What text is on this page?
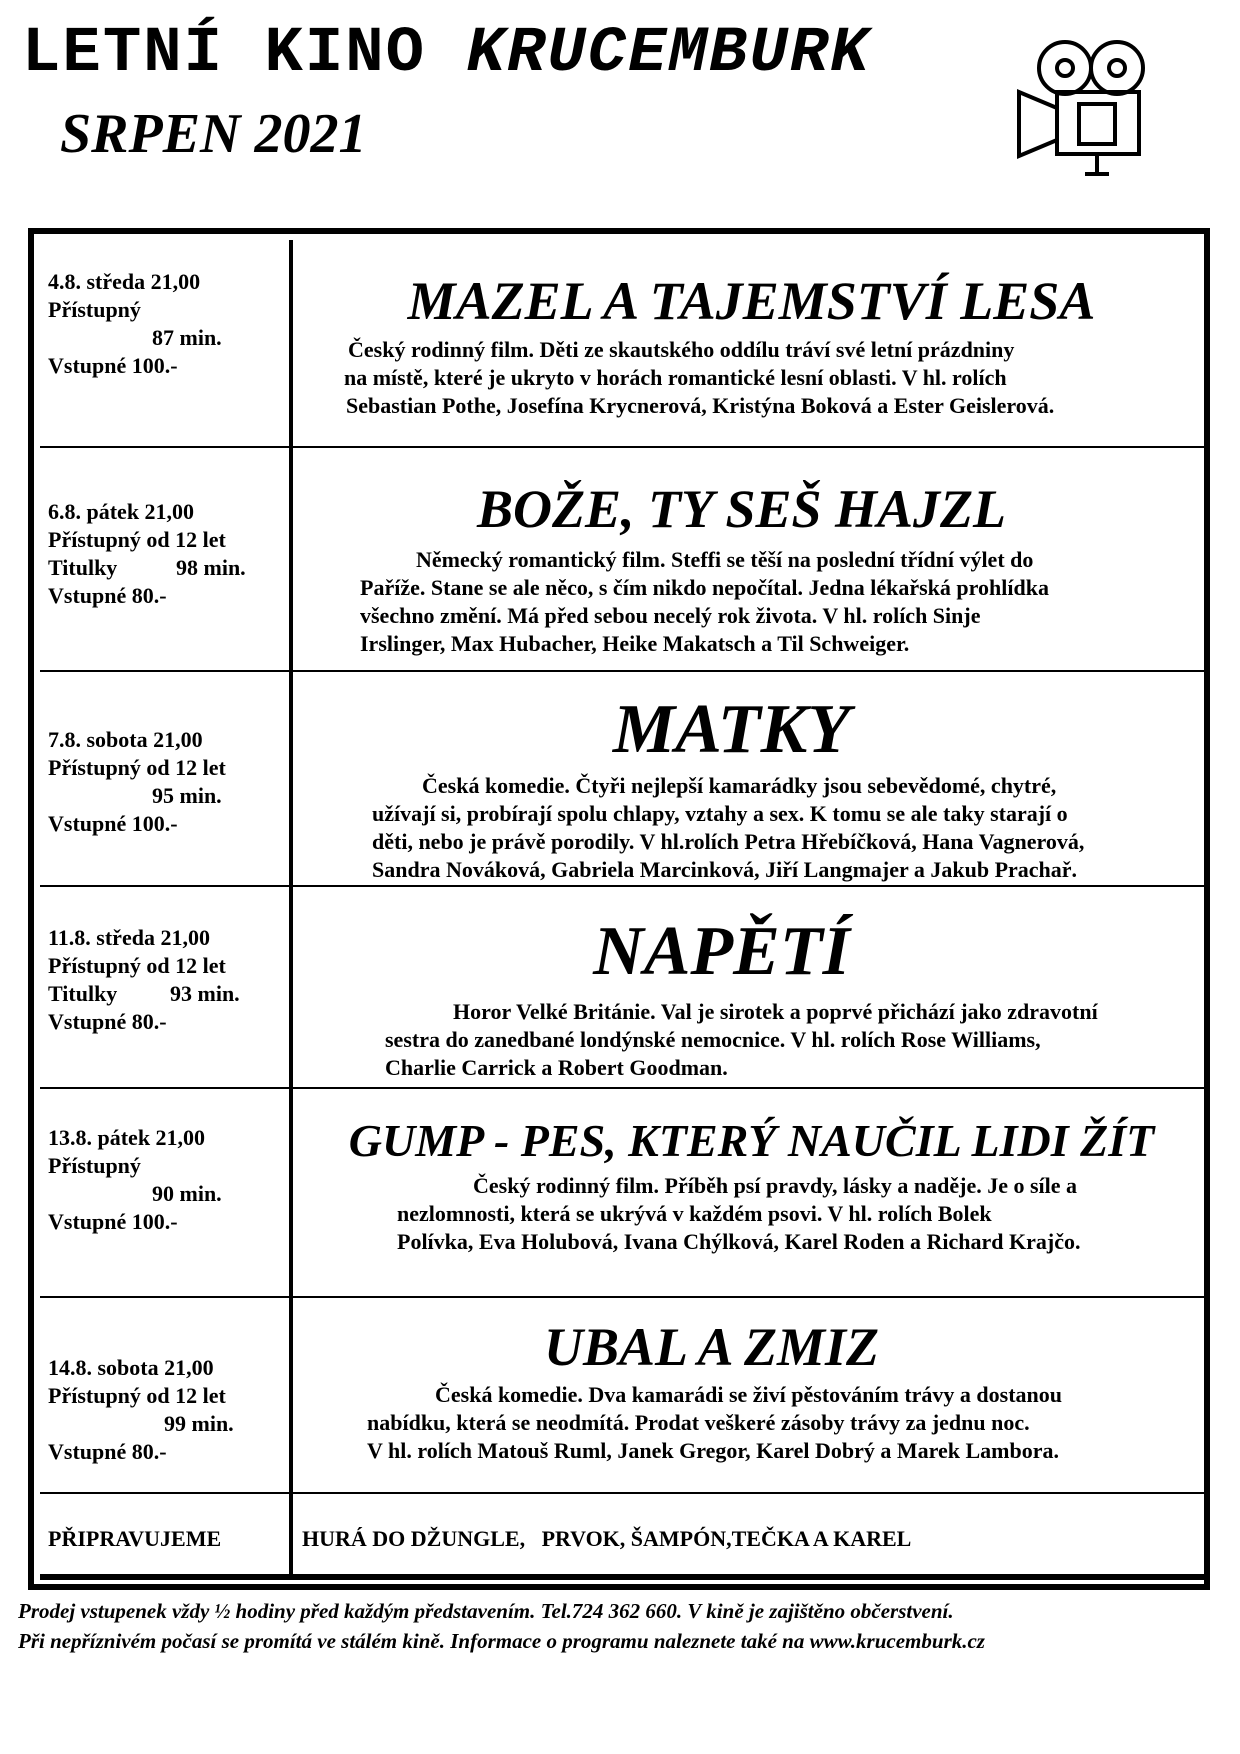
LETNÍ KINO KRUCEMBURK
SRPEN 2021
4.8. středa 21,00
Přístupný
87 min.
Vstupné 100.-
MAZEL A TAJEMSTVÍ LESA
Český rodinný film. Děti ze skautského oddílu tráví své letní prázdniny
na místě, které je ukryto v horách romantické lesní oblasti. V hl. rolích
Sebastian Pothe, Josefína Krycnerová, Kristýna Boková a Ester Geislerová.
6.8. pátek 21,00
Přístupný od 12 let
Titulky	98 min.
Vstupné 80.-
BOŽE, TY SEŠ HAJZL
Německý romantický film. Steffi se těší na poslední třídní výlet do
Paříže. Stane se ale něco, s čím nikdo nepočítal. Jedna lékařská prohlídka
všechno změní. Má před sebou necelý rok života. V hl. rolích Sinje
Irslinger, Max Hubacher, Heike Makatsch a Til Schweiger.
7.8. sobota 21,00
Přístupný od 12 let
95 min.
Vstupné 100.-
MATKY
Česká komedie. Čtyři nejlepší kamarádky jsou sebevědomé, chytré,
užívají si, probírají spolu chlapy, vztahy a sex. K tomu se ale taky starají o
děti, nebo je právě porodily. V hl.rolích Petra Hřebíčková, Hana Vagnerová,
Sandra Nováková, Gabriela Marcinková, Jiří Langmajer a Jakub Prachař.
11.8. středa 21,00
Přístupný od 12 let
Titulky 93 min.
Vstupné 80.-
NAPĚTÍ
Horor Velké Británie. Val je sirotek a poprvé přichází jako zdravotní
sestra do zanedbané londýnské nemocnice. V hl. rolích Rose Williams,
Charlie Carrick a Robert Goodman.
13.8. pátek 21,00
Přístupný
90 min.
Vstupné 100.-
GUMP - PES, KTERÝ NAUČIL LIDI ŽÍT
Český rodinný film. Příběh psí pravdy, lásky a naděje. Je o síle a
nezlomnosti, která se ukrývá v každém psovi. V hl. rolích Bolek
Polívka, Eva Holubová, Ivana Chýlková, Karel Roden a Richard Krajčo.
14.8. sobota 21,00
Přístupný od 12 let
99 min.
Vstupné 80.-
UBAL A ZMIZ
Česká komedie. Dva kamarádi se živí pěstováním trávy a dostanou
nabídku, která se neodmítá. Prodat veškeré zásoby trávy za jednu noc.
V hl. rolích Matouš Ruml, Janek Gregor, Karel Dobrý a Marek Lambora.
PŘIPRAVUJEME	HURÁ DO DŽUNGLE,   PRVOK, ŠAMPÓN,TEČKA A KAREL
Prodej vstupenek vždy ½ hodiny před každým představením. Tel.724 362 660. V kině je zajištěno občerstvení.
Při nepříznivém počasí se promítá ve stálém kině. Informace o programu naleznete také na www.krucemburk.cz
